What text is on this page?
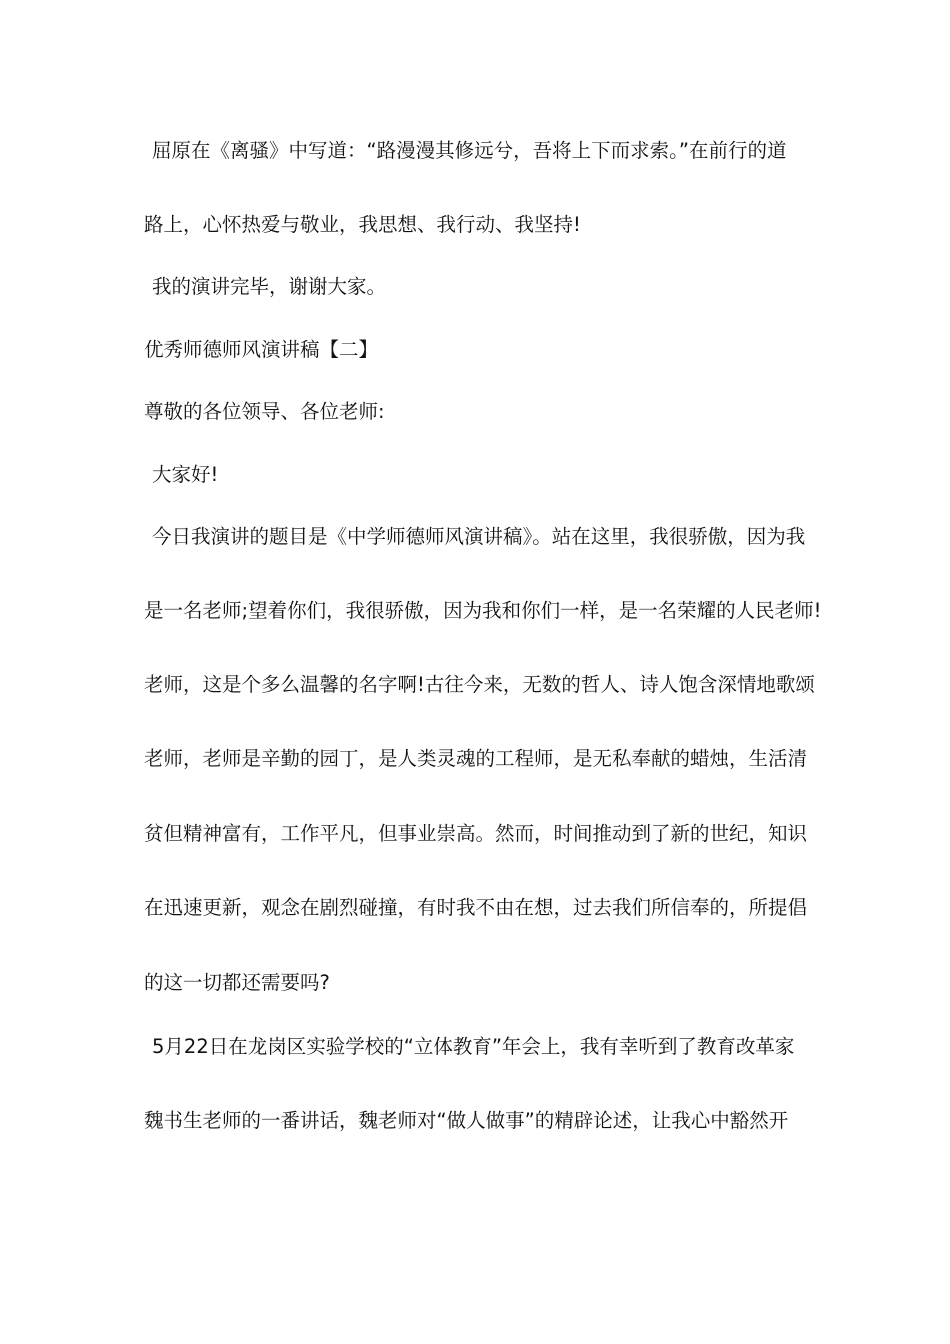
屈原在《离骚》中写道：“路漫漫其修远兮，吾将上下而求索。”在前行的道
路上，心怀热爱与敬业，我思想、我行动、我坚持!
我的演讲完毕，谢谢大家。
优秀师德师风演讲稿【二】
尊敬的各位领导、各位老师:
大家好!
今日我演讲的题目是《中学师德师风演讲稿》。站在这里，我很骄傲，因为我
是一名老师;望着你们，我很骄傲，因为我和你们一样，是一名荣耀的人民老师!
老师，这是个多么温馨的名字啊!古往今来，无数的哲人、诗人饱含深情地歌颂
老师，老师是辛勤的园丁，是人类灵魂的工程师，是无私奉献的蜡烛，生活清
贫但精神富有，工作平凡，但事业崇高。然而，时间推动到了新的世纪，知识
在迅速更新，观念在剧烈碰撞，有时我不由在想，过去我们所信奉的，所提倡
的这一切都还需要吗?
5月22日在龙岗区实验学校的“立体教育”年会上，我有幸听到了教育改革家
魏书生老师的一番讲话，魏老师对“做人做事”的精辟论述，让我心中豁然开
